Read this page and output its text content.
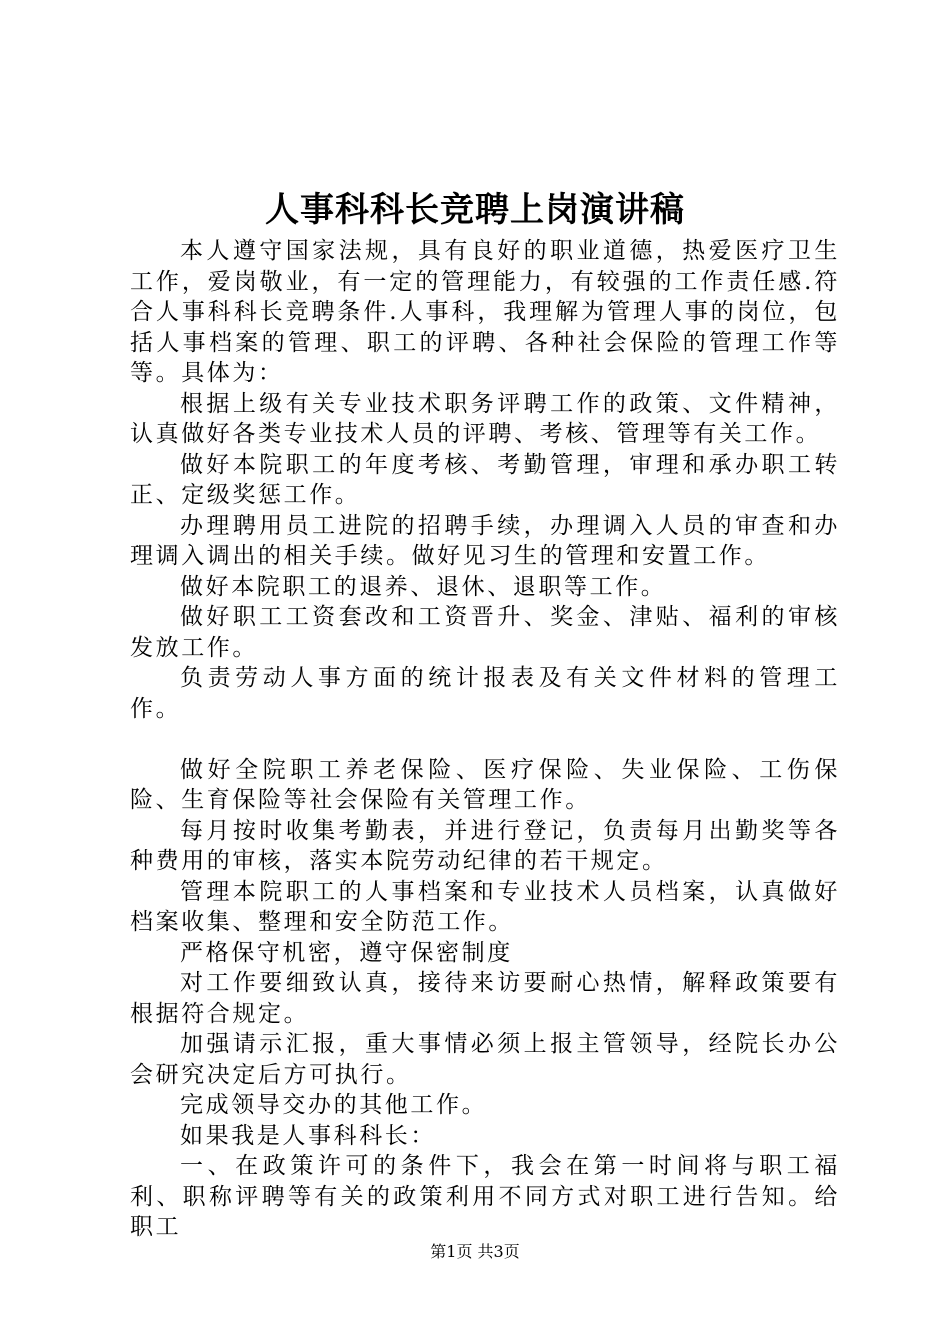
人事科科长竞聘上岗演讲稿

本人遵守国家法规，具有良好的职业道德，热爱医疗卫生工作，爱岗敬业，有一定的管理能力，有较强的工作责任感.符合人事科科长竞聘条件.人事科，我理解为管理人事的岗位，包括人事档案的管理、职工的评聘、各种社会保险的管理工作等等。具体为：

根据上级有关专业技术职务评聘工作的政策、文件精神，认真做好各类专业技术人员的评聘、考核、管理等有关工作。

做好本院职工的年度考核、考勤管理，审理和承办职工转正、定级奖惩工作。

办理聘用员工进院的招聘手续，办理调入人员的审查和办理调入调出的相关手续。做好见习生的管理和安置工作。

做好本院职工的退养、退休、退职等工作。

做好职工工资套改和工资晋升、奖金、津贴、福利的审核发放工作。

负责劳动人事方面的统计报表及有关文件材料的管理工作。

做好全院职工养老保险、医疗保险、失业保险、工伤保险、生育保险等社会保险有关管理工作。

每月按时收集考勤表，并进行登记，负责每月出勤奖等各种费用的审核，落实本院劳动纪律的若干规定。

管理本院职工的人事档案和专业技术人员档案，认真做好档案收集、整理和安全防范工作。

严格保守机密，遵守保密制度

对工作要细致认真，接待来访要耐心热情，解释政策要有根据符合规定。

加强请示汇报，重大事情必须上报主管领导，经院长办公会研究决定后方可执行。

完成领导交办的其他工作。

如果我是人事科科长：

一、在政策许可的条件下，我会在第一时间将与职工福利、职称评聘等有关的政策利用不同方式对职工进行告知。给职工

第1页 共3页
